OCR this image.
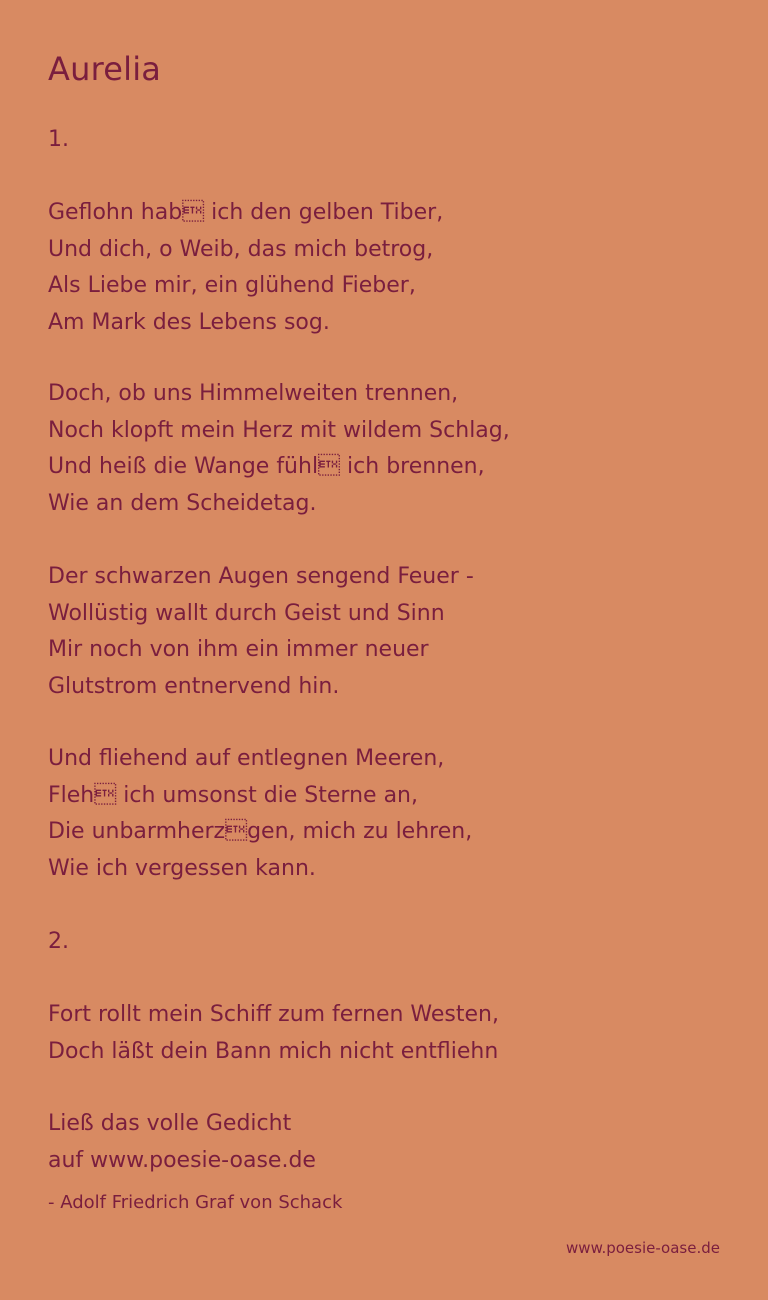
Aurelia
1.
Geflohn hab ich den gelben Tiber,
Und dich, o Weib, das mich betrog,
Als Liebe mir, ein glühend Fieber,
Am Mark des Lebens sog.
Doch, ob uns Himmelweiten trennen,
Noch klopft mein Herz mit wildem Schlag,
Und heiß die Wange fühl ich brennen,
Wie an dem Scheidetag.
Der schwarzen Augen sengend Feuer -
Wollüstig wallt durch Geist und Sinn
Mir noch von ihm ein immer neuer
Glutstrom entnervend hin.
Und fliehend auf entlegnen Meeren,
Fleh ich umsonst die Sterne an,
Die unbarmherzgen, mich zu lehren,
Wie ich vergessen kann.
2.
Fort rollt mein Schiff zum fernen Westen,
Doch läßt dein Bann mich nicht entfliehn
Ließ das volle Gedicht
auf www.poesie-oase.de
- Adolf Friedrich Graf von Schack
www.poesie-oase.de
